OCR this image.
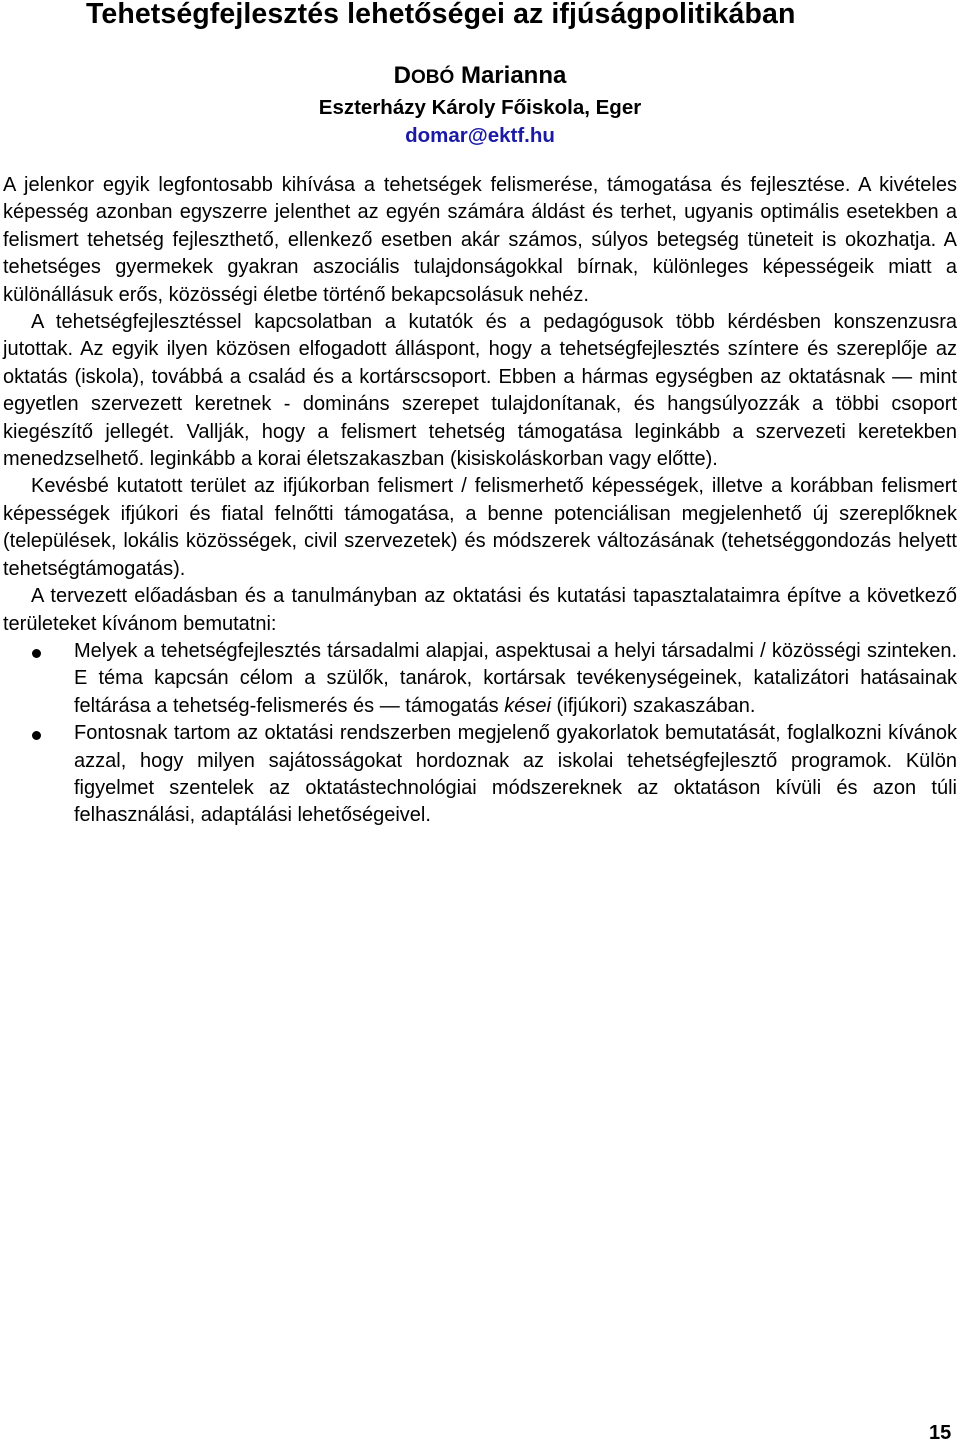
Tehetségfejlesztés lehetőségei az ifjúságpolitikában
DOBÓ Marianna
Eszterházy Károly Főiskola, Eger
domar@ektf.hu

A jelenkor egyik legfontosabb kihívása a tehetségek felismerése, támogatása és fejlesztése. A kivételes képesség azonban egyszerre jelenthet az egyén számára áldást és terhet, ugyanis optimális esetekben a felismert tehetség fejleszthető, ellenkező esetben akár számos, súlyos betegség tüneteit is okozhatja. A tehetséges gyermekek gyakran aszociális tulajdonságokkal bírnak, különleges képességeik miatt a különállásuk erős, közösségi életbe történő bekapcsolásuk nehéz.

A tehetségfejlesztéssel kapcsolatban a kutatók és a pedagógusok több kérdésben konszenzusra jutottak. Az egyik ilyen közösen elfogadott álláspont, hogy a tehetségfejlesztés színtere és szereplője az oktatás (iskola), továbbá a család és a kortárscsoport. Ebben a hármas egységben az oktatásnak — mint egyetlen szervezett keretnek - domináns szerepet tulajdonítanak, és hangsúlyozzák a többi csoport kiegészítő jellegét. Vallják, hogy a felismert tehetség támogatása leginkább a szervezeti keretekben menedzselhető. leginkább a korai életszakaszban (kisiskoláskorban vagy előtte).

Kevésbé kutatott terület az ifjúkorban felismert / felismerhető képességek, illetve a korábban felismert képességek ifjúkori és fiatal felnőtti támogatása, a benne potenciálisan megjelenhető új szereplőknek (települések, lokális közösségek, civil szervezetek) és módszerek változásának (tehetséggondozás helyett tehetségtámogatás).

A tervezett előadásban és a tanulmányban az oktatási és kutatási tapasztalataimra építve a következő területeket kívánom bemutatni:

Melyek a tehetségfejlesztés társadalmi alapjai, aspektusai a helyi társadalmi / közösségi szinteken. E téma kapcsán célom a szülők, tanárok, kortársak tevékenységeinek, katalizátori hatásainak feltárása a tehetség-felismerés és — támogatás kései (ifjúkori) szakaszában.
Fontosnak tartom az oktatási rendszerben megjelenő gyakorlatok bemutatását, foglalkozni kívánok azzal, hogy milyen sajátosságokat hordoznak az iskolai tehetségfejlesztő programok. Külön figyelmet szentelek az oktatástechnológiai módszereknek az oktatáson kívüli és azon túli felhasználási, adaptálási lehetőségeivel.
15
